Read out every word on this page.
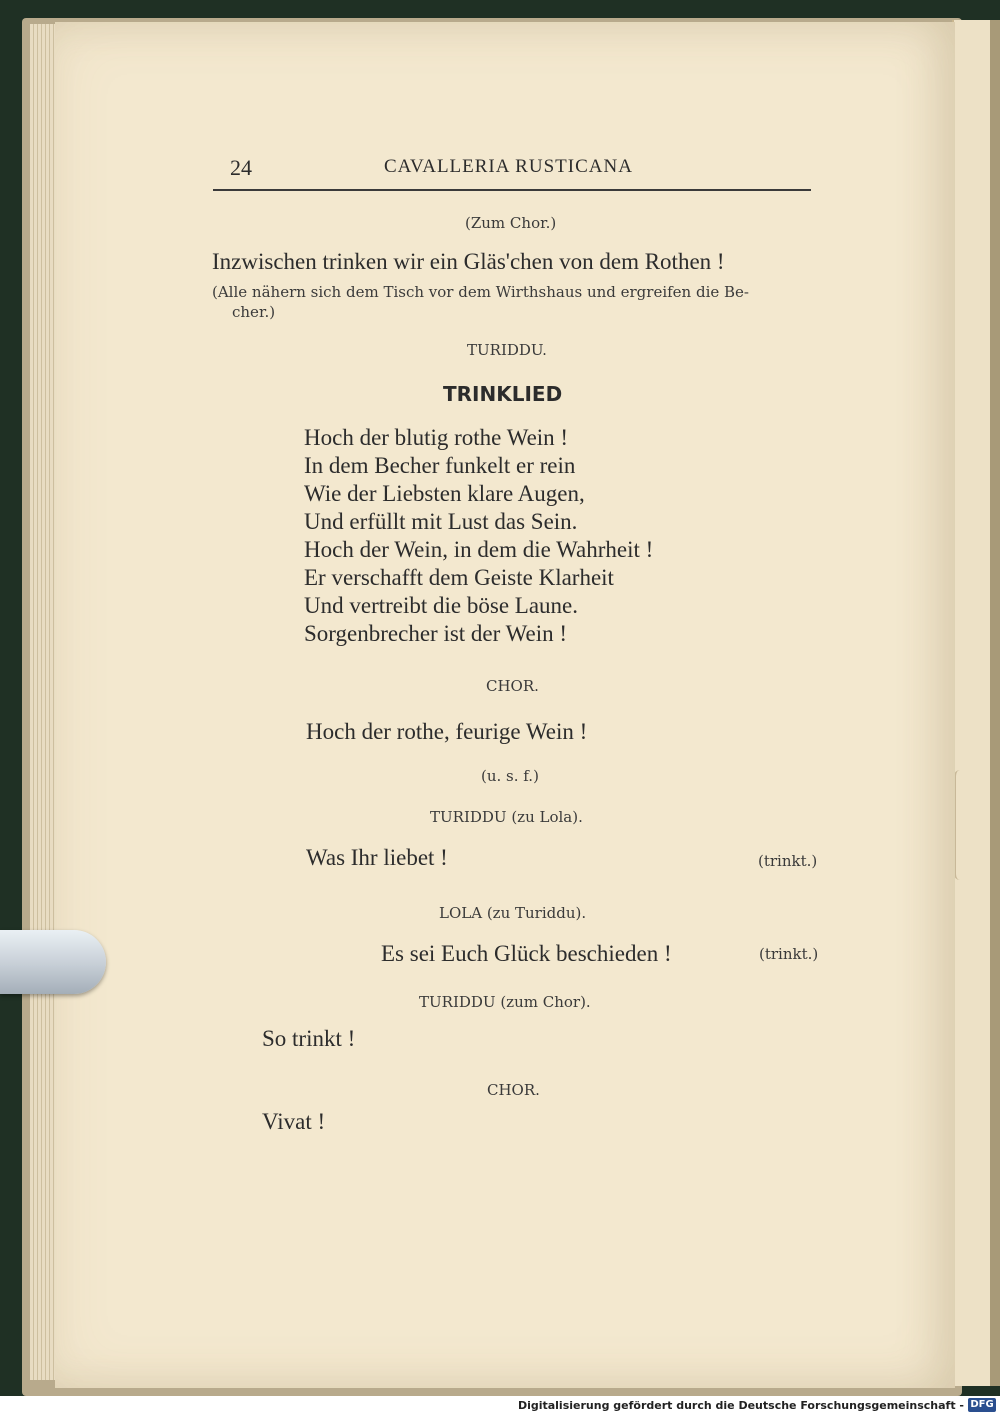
24	CAVALLERIA RUSTICANA
(Zum Chor.)
Inzwischen trinken wir ein Gläs'chen von dem Rothen !
(Alle nähern sich dem Tisch vor dem Wirthshaus und ergreifen die Be-
cher.)
TURIDDU.
TRINKLIED
Hoch der blutig rothe Wein !
In dem Becher funkelt er rein
Wie der Liebsten klare Augen,
Und erfüllt mit Lust das Sein.
Hoch der Wein, in dem die Wahrheit !
Er verschafft dem Geiste Klarheit
Und vertreibt die böse Laune.
Sorgenbrecher ist der Wein !
CHOR.
Hoch der rothe, feurige Wein !
(u. s. f.)
TURIDDU (zu Lola).
Was Ihr liebet !	(trinkt.)
LOLA (zu Turiddu).
Es sei Euch Glück beschieden !	(trinkt.)
TURIDDU (zum Chor).
So trinkt !
CHOR.
Vivat !
Digitalisierung gefördert durch die Deutsche Forschungsgemeinschaft - DFG
